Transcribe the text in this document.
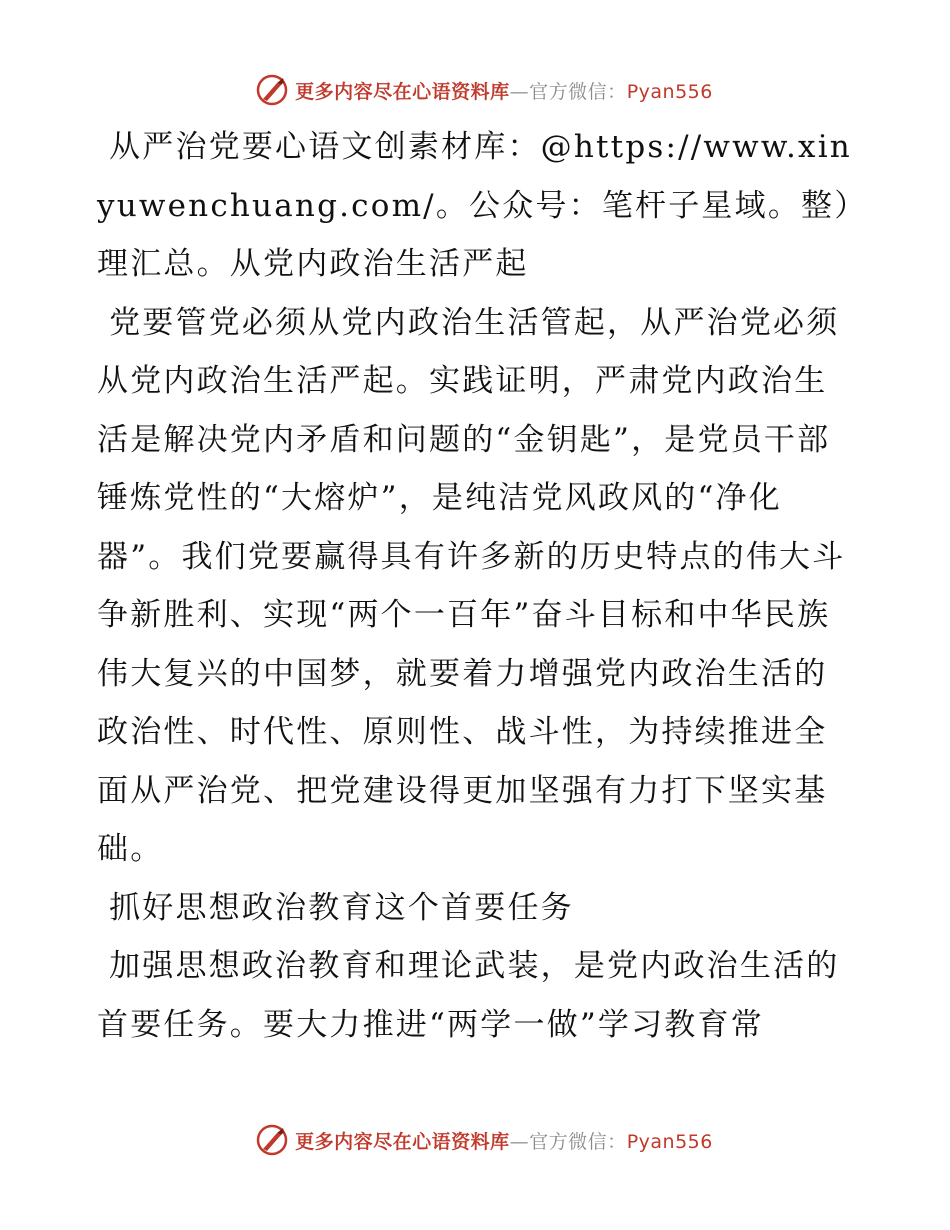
更多内容尽在心语资料库—官方微信：Pyan556

从严治党要心语文创素材库：@https://www.xinyuwenchuang.com/。公众号：笔杆子星域。整）理汇总。从党内政治生活严起

党要管党必须从党内政治生活管起，从严治党必须从党内政治生活严起。实践证明，严肃党内政治生活是解决党内矛盾和问题的“金钥匙”，是党员干部锤炼党性的“大熔炉”，是纯洁党风政风的“净化器”。我们党要赢得具有许多新的历史特点的伟大斗争新胜利、实现“两个一百年”奋斗目标和中华民族伟大复兴的中国梦，就要着力增强党内政治生活的政治性、时代性、原则性、战斗性，为持续推进全面从严治党、把党建设得更加坚强有力打下坚实基础。

抓好思想政治教育这个首要任务

加强思想政治教育和理论武装，是党内政治生活的首要任务。要大力推进“两学一做”学习教育常

更多内容尽在心语资料库—官方微信：Pyan556
